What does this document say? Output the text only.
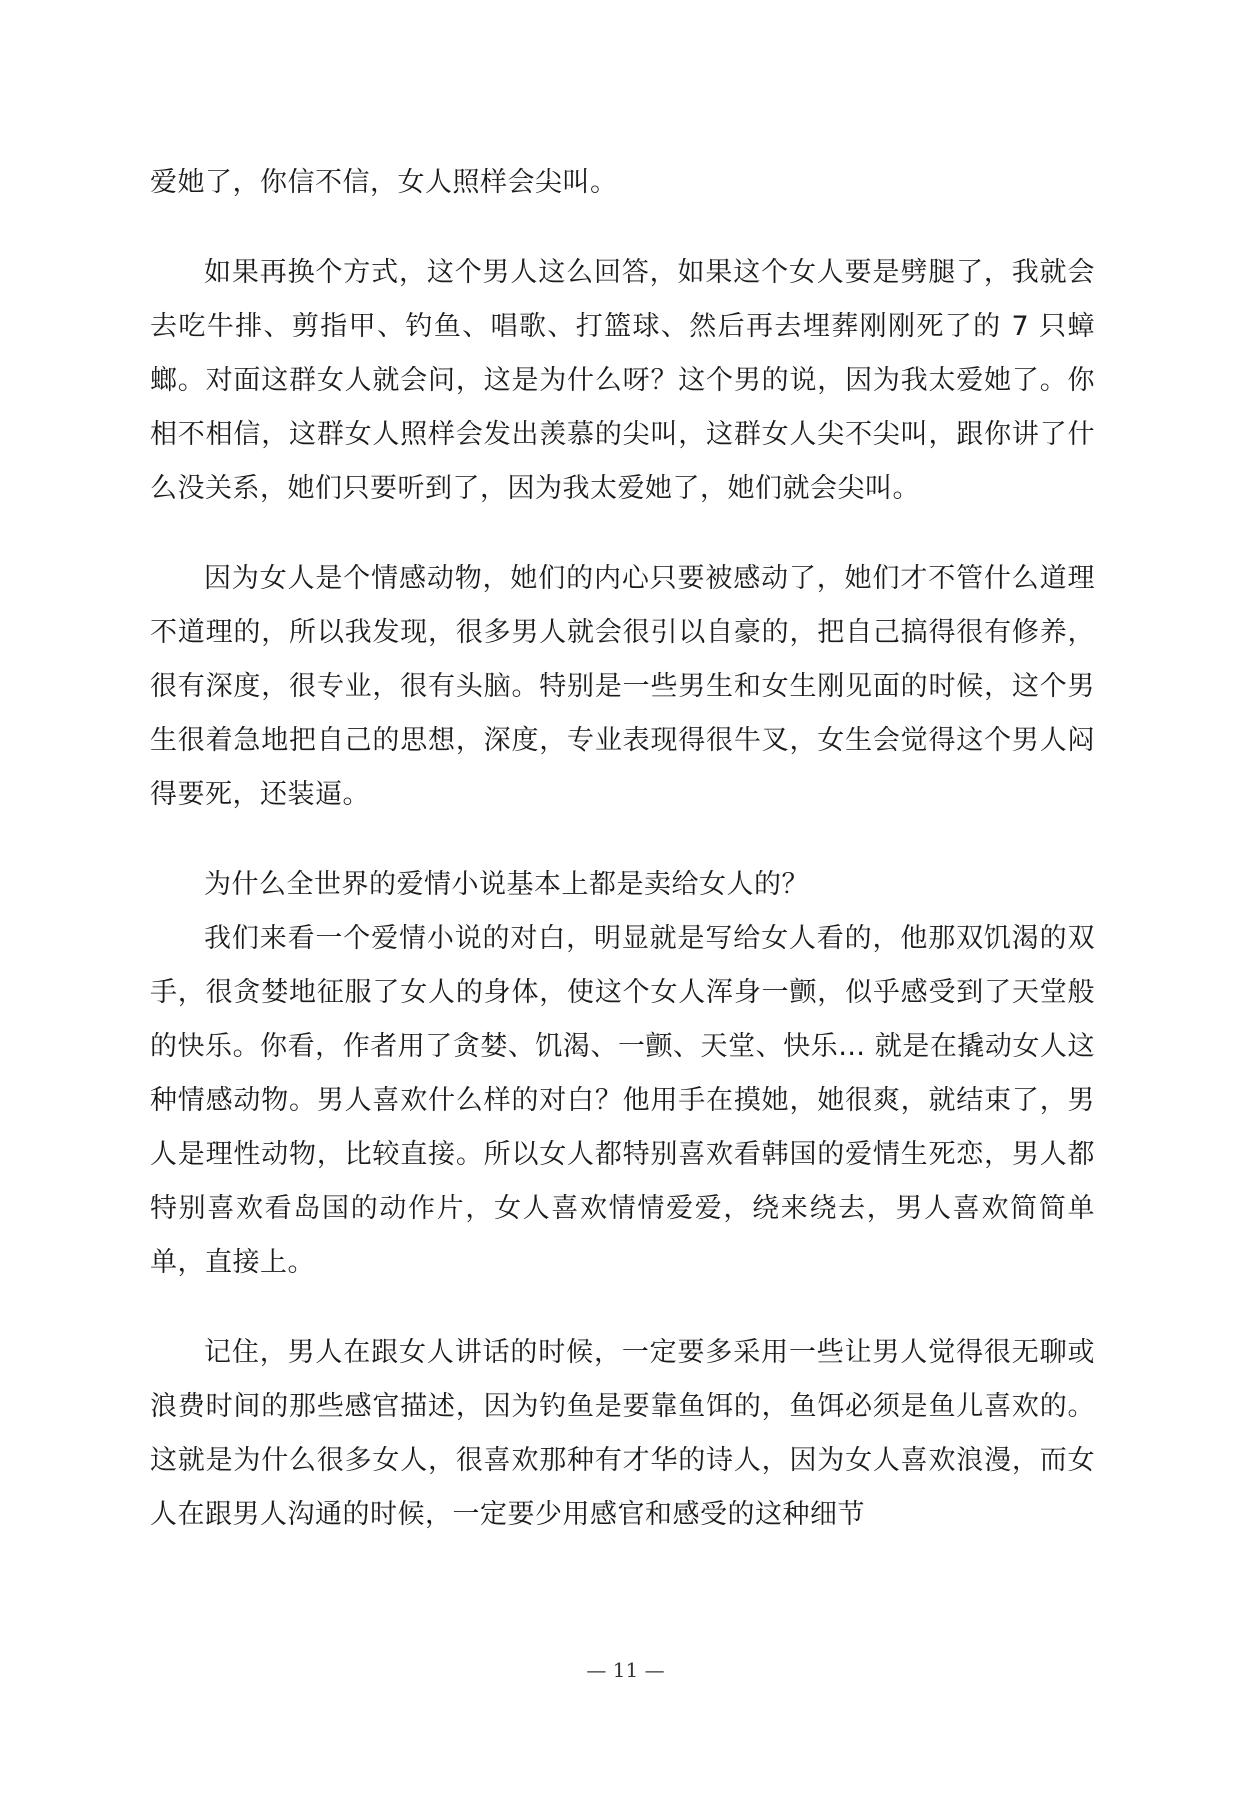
爱她了，你信不信，女人照样会尖叫。

如果再换个方式，这个男人这么回答，如果这个女人要是劈腿了，我就会去吃牛排、剪指甲、钓鱼、唱歌、打篮球、然后再去埋葬刚刚死了的 7 只蟑螂。对面这群女人就会问，这是为什么呀？这个男的说，因为我太爱她了。你相不相信，这群女人照样会发出羡慕的尖叫，这群女人尖不尖叫，跟你讲了什么没关系，她们只要听到了，因为我太爱她了，她们就会尖叫。

因为女人是个情感动物，她们的内心只要被感动了，她们才不管什么道理不道理的，所以我发现，很多男人就会很引以自豪的，把自己搞得很有修养，很有深度，很专业，很有头脑。特别是一些男生和女生刚见面的时候，这个男生很着急地把自己的思想，深度，专业表现得很牛叉，女生会觉得这个男人闷得要死，还装逼。

为什么全世界的爱情小说基本上都是卖给女人的？

我们来看一个爱情小说的对白，明显就是写给女人看的，他那双饥渴的双手，很贪婪地征服了女人的身体，使这个女人浑身一颤，似乎感受到了天堂般的快乐。你看，作者用了贪婪、饥渴、一颤、天堂、快乐… 就是在撬动女人这种情感动物。男人喜欢什么样的对白？他用手在摸她，她很爽，就结束了，男人是理性动物，比较直接。所以女人都特别喜欢看韩国的爱情生死恋，男人都特别喜欢看岛国的动作片，女人喜欢情情爱爱，绕来绕去，男人喜欢简简单单，直接上。

记住，男人在跟女人讲话的时候，一定要多采用一些让男人觉得很无聊或浪费时间的那些感官描述，因为钓鱼是要靠鱼饵的，鱼饵必须是鱼儿喜欢的。这就是为什么很多女人，很喜欢那种有才华的诗人，因为女人喜欢浪漫，而女人在跟男人沟通的时候，一定要少用感官和感受的这种细节

— 11 —
